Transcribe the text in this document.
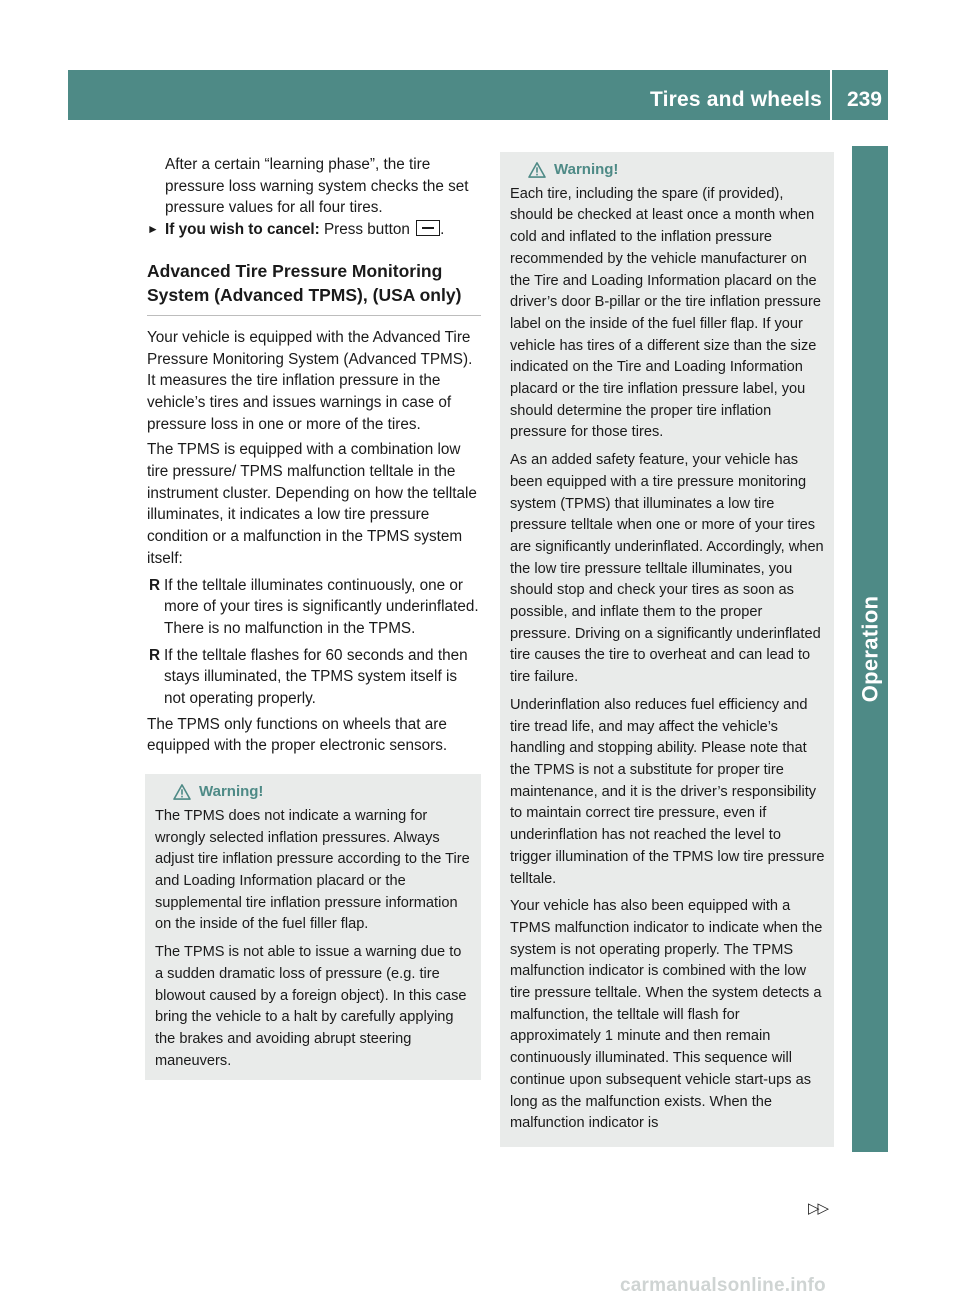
Tires and wheels 239
Operation

After a certain “learning phase”, the tire pressure loss warning system checks the set pressure values for all four tires.

► If you wish to cancel: Press button .

Advanced Tire Pressure Monitoring System (Advanced TPMS), (USA only)

Your vehicle is equipped with the Advanced Tire Pressure Monitoring System (Advanced TPMS). It measures the tire inflation pressure in the vehicle’s tires and issues warnings in case of pressure loss in one or more of the tires.

The TPMS is equipped with a combination low tire pressure/ TPMS malfunction telltale in the instrument cluster. Depending on how the telltale illuminates, it indicates a low tire pressure condition or a malfunction in the TPMS system itself:

R If the telltale illuminates continuously, one or more of your tires is significantly underinflated. There is no malfunction in the TPMS.
R If the telltale flashes for 60 seconds and then stays illuminated, the TPMS system itself is not operating properly.

The TPMS only functions on wheels that are equipped with the proper electronic sensors.

Warning!

The TPMS does not indicate a warning for wrongly selected inflation pressures. Always adjust tire inflation pressure according to the Tire and Loading Information placard or the supplemental tire inflation pressure information on the inside of the fuel filler flap.

The TPMS is not able to issue a warning due to a sudden dramatic loss of pressure (e.g. tire blowout caused by a foreign object). In this case bring the vehicle to a halt by carefully applying the brakes and avoiding abrupt steering maneuvers.

Warning!

Each tire, including the spare (if provided), should be checked at least once a month when cold and inflated to the inflation pressure recommended by the vehicle manufacturer on the Tire and Loading Information placard on the driver’s door B-pillar or the tire inflation pressure label on the inside of the fuel filler flap. If your vehicle has tires of a different size than the size indicated on the Tire and Loading Information placard or the tire inflation pressure label, you should determine the proper tire inflation pressure for those tires.

As an added safety feature, your vehicle has been equipped with a tire pressure monitoring system (TPMS) that illuminates a low tire pressure telltale when one or more of your tires are significantly underinflated. Accordingly, when the low tire pressure telltale illuminates, you should stop and check your tires as soon as possible, and inflate them to the proper pressure. Driving on a significantly underinflated tire causes the tire to overheat and can lead to tire failure.

Underinflation also reduces fuel efficiency and tire tread life, and may affect the vehicle’s handling and stopping ability. Please note that the TPMS is not a substitute for proper tire maintenance, and it is the driver’s responsibility to maintain correct tire pressure, even if underinflation has not reached the level to trigger illumination of the TPMS low tire pressure telltale.

Your vehicle has also been equipped with a TPMS malfunction indicator to indicate when the system is not operating properly. The TPMS malfunction indicator is combined with the low tire pressure telltale. When the system detects a malfunction, the telltale will flash for approximately 1 minute and then remain continuously illuminated. This sequence will continue upon subsequent vehicle start-ups as long as the malfunction exists. When the malfunction indicator is

▷▷
carmanualsonline.info
